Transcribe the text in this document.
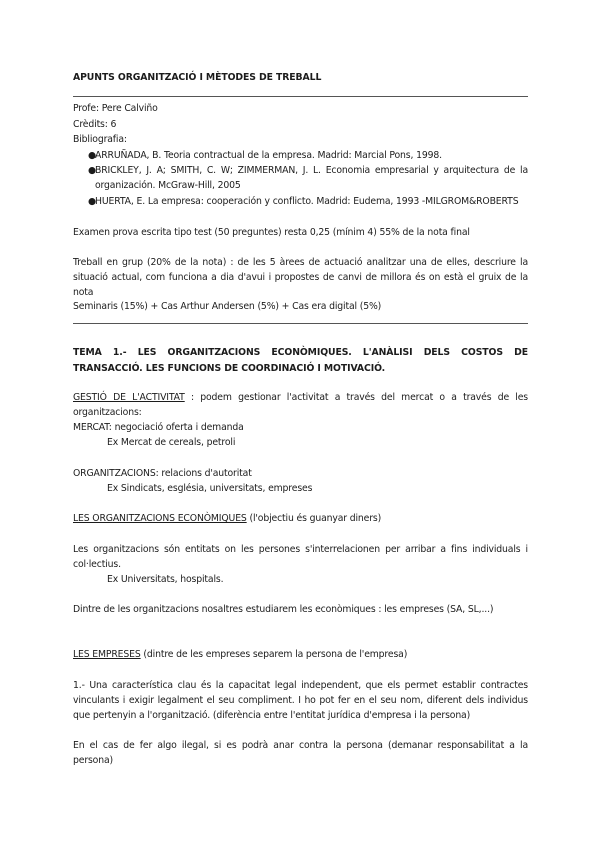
APUNTS ORGANITZACIÓ I MÈTODES DE TREBALL
Profe: Pere Calviño
Crèdits: 6
Bibliografia:
● ARRUÑADA, B. Teoria contractual de la empresa. Madrid: Marcial Pons, 1998.
● BRICKLEY, J. A; SMITH, C. W; ZIMMERMAN, J. L. Economia empresarial y arquitectura de la organización. McGraw-Hill, 2005
● HUERTA, E. La empresa: cooperación y conflicto. Madrid: Eudema, 1993 -MILGROM&ROBERTS
Examen prova escrita tipo test (50 preguntes) resta 0,25 (mínim 4) 55% de la nota final
Treball en grup (20% de la nota) : de les 5 àrees de actuació analitzar una de elles, descriure la situació actual, com funciona a dia d'avui i propostes de canvi de millora és on està el gruix de la nota
Seminaris (15%) + Cas Arthur Andersen (5%) + Cas era digital (5%)
TEMA 1.- LES ORGANITZACIONS ECONÒMIQUES. L'ANÀLISI DELS COSTOS DE TRANSACCIÓ. LES FUNCIONS DE COORDINACIÓ I MOTIVACIÓ.
GESTIÓ DE L'ACTIVITAT : podem gestionar l'activitat a través del mercat o a través de les organitzacions:
MERCAT: negociació oferta i demanda
Ex Mercat de cereals, petroli
ORGANITZACIONS: relacions d'autoritat
Ex Sindicats, església, universitats, empreses
LES ORGANITZACIONS ECONÒMIQUES (l'objectiu és guanyar diners)
Les organitzacions són entitats on les persones s'interrelacionen per arribar a fins individuals i col·lectius.
Ex Universitats, hospitals.
Dintre de les organitzacions nosaltres estudiarem les econòmiques : les empreses (SA, SL,...)
LES EMPRESES (dintre de les empreses separem la persona de l'empresa)
1.- Una característica clau és la capacitat legal independent, que els permet establir contractes vinculants i exigir legalment el seu compliment. I ho pot fer en el seu nom, diferent dels individus que pertenyin a l'organització. (diferència entre l'entitat jurídica d'empresa i la persona)
En el cas de fer algo ilegal, si es podrà anar contra la persona (demanar responsabilitat a la persona)
